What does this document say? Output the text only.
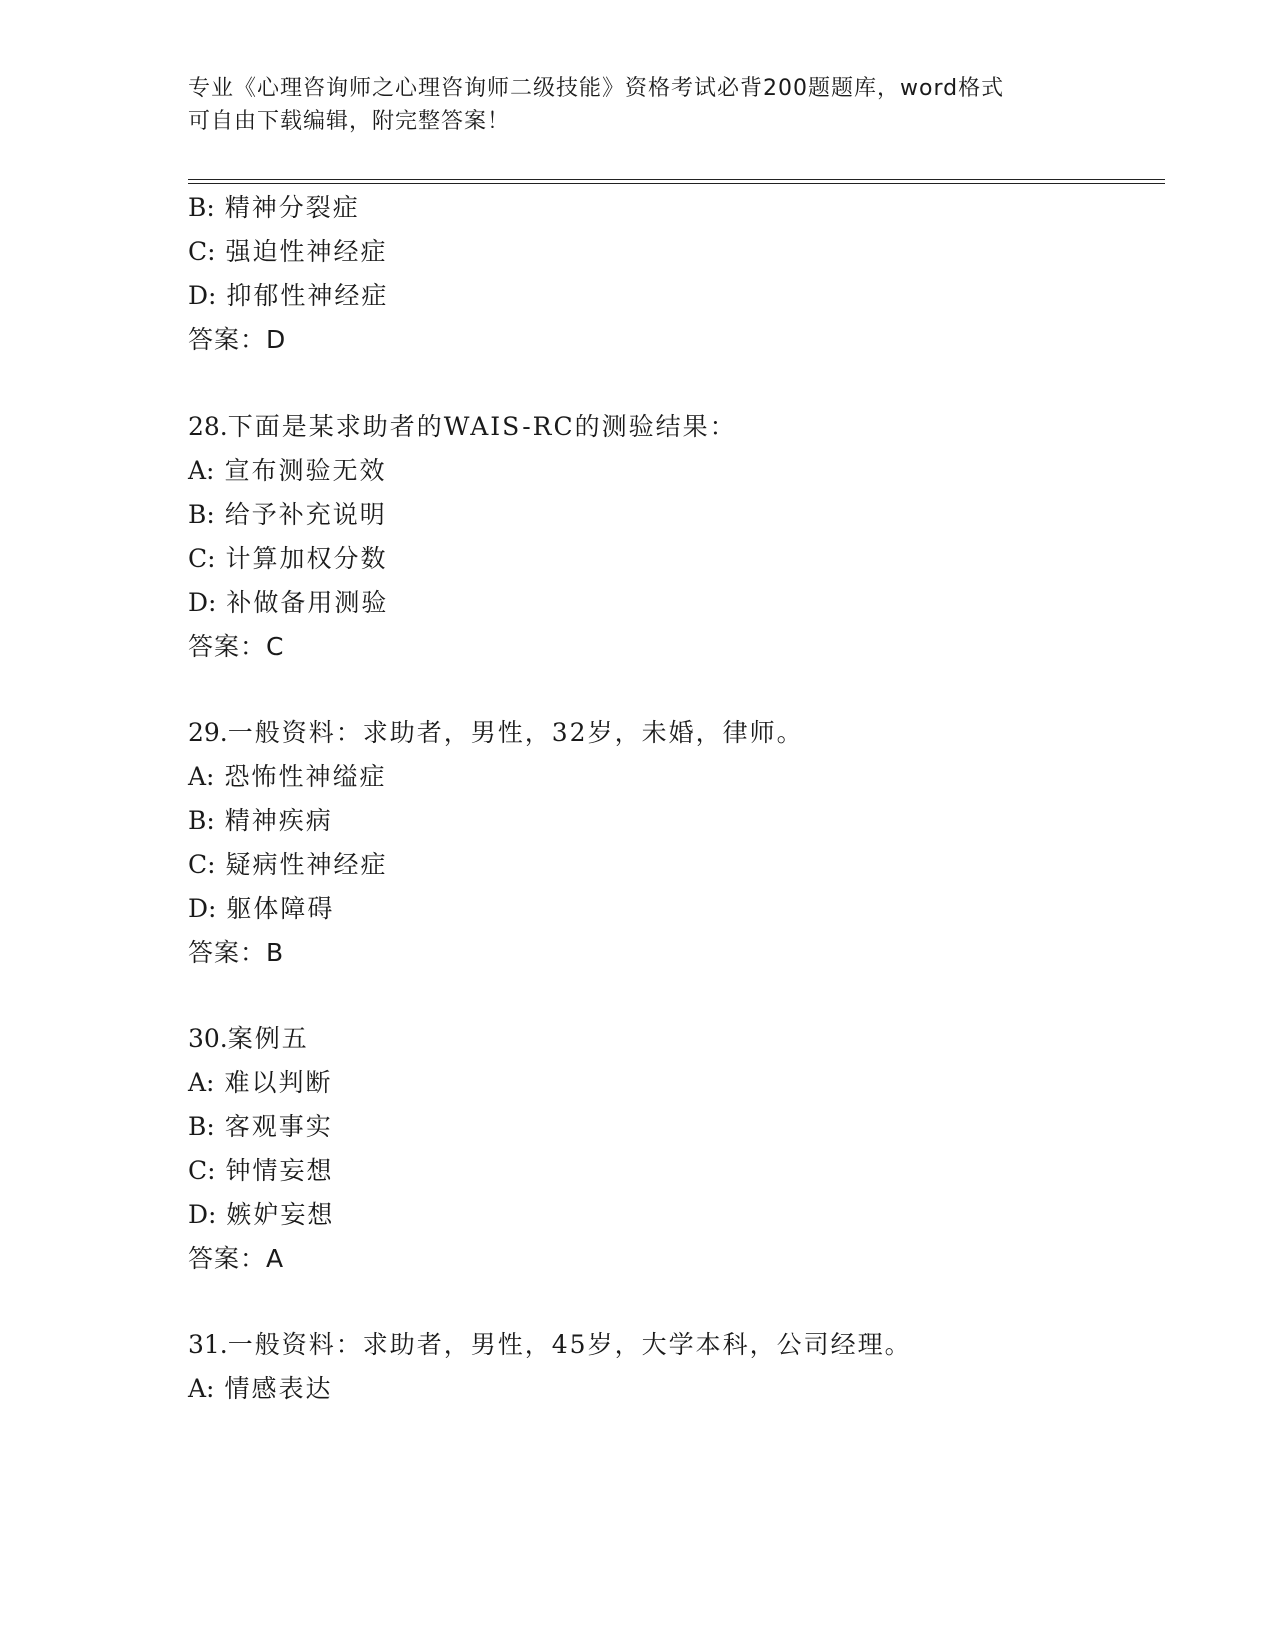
专业《心理咨询师之心理咨询师二级技能》资格考试必背200题题库，word格式
可自由下载编辑，附完整答案！
B: 精神分裂症
C: 强迫性神经症
D: 抑郁性神经症
答案：D
28.下面是某求助者的WAIS-RC的测验结果：
A: 宣布测验无效
B: 给予补充说明
C: 计算加权分数
D: 补做备用测验
答案：C
29.一般资料：求助者，男性，32岁，未婚，律师。
A: 恐怖性神缢症
B: 精神疾病
C: 疑病性神经症
D: 躯体障碍
答案：B
30.案例五
A: 难以判断
B: 客观事实
C: 钟情妄想
D: 嫉妒妄想
答案：A
31.一般资料：求助者，男性，45岁，大学本科，公司经理。
A: 情感表达
